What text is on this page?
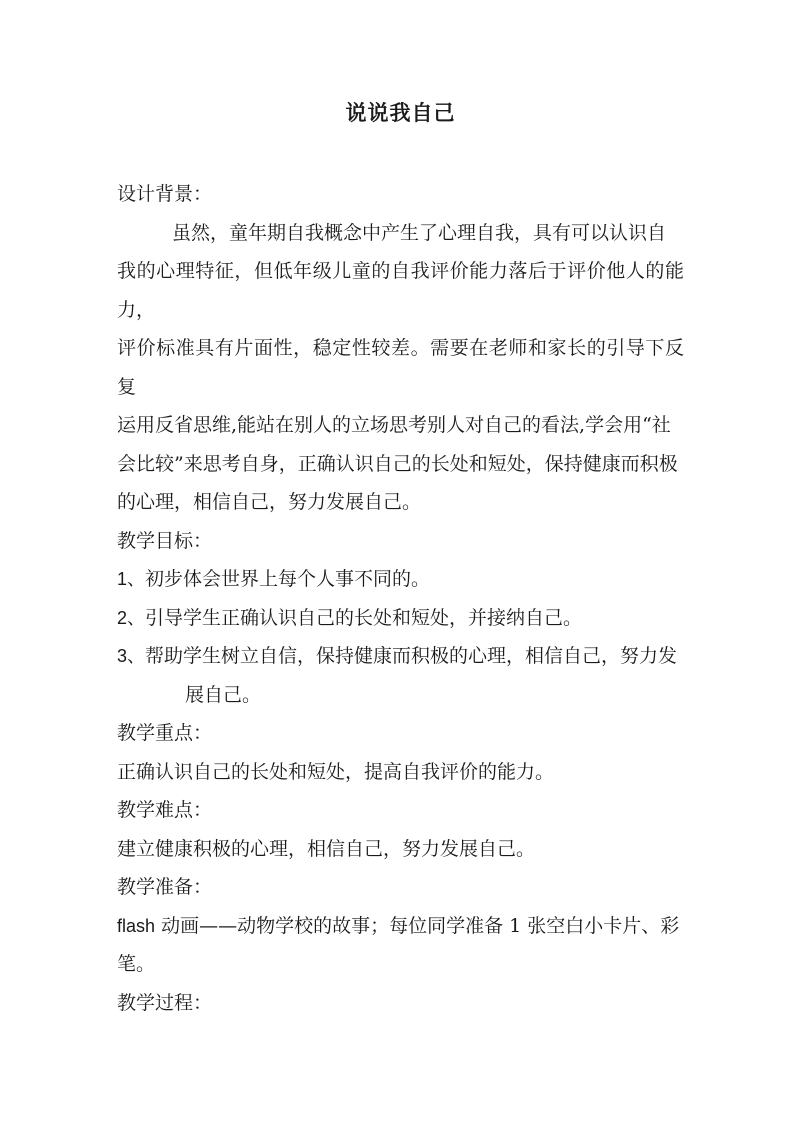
说说我自己

设计背景：

虽然，童年期自我概念中产生了心理自我，具有可以认识自

我的心理特征，但低年级儿童的自我评价能力落后于评价他人的能力，

评价标准具有片面性，稳定性较差。需要在老师和家长的引导下反复

运用反省思维,能站在别人的立场思考别人对自己的看法,学会用“社

会比较”来思考自身，正确认识自己的长处和短处，保持健康而积极

的心理，相信自己，努力发展自己。

教学目标：

1、初步体会世界上每个人事不同的。

2、引导学生正确认识自己的长处和短处，并接纳自己。

3、帮助学生树立自信，保持健康而积极的心理，相信自己，努力发

展自己。

教学重点：

正确认识自己的长处和短处，提高自我评价的能力。

教学难点：

建立健康积极的心理，相信自己，努力发展自己。

教学准备：

flash 动画——动物学校的故事；每位同学准备 1 张空白小卡片、彩

笔。

教学过程：
